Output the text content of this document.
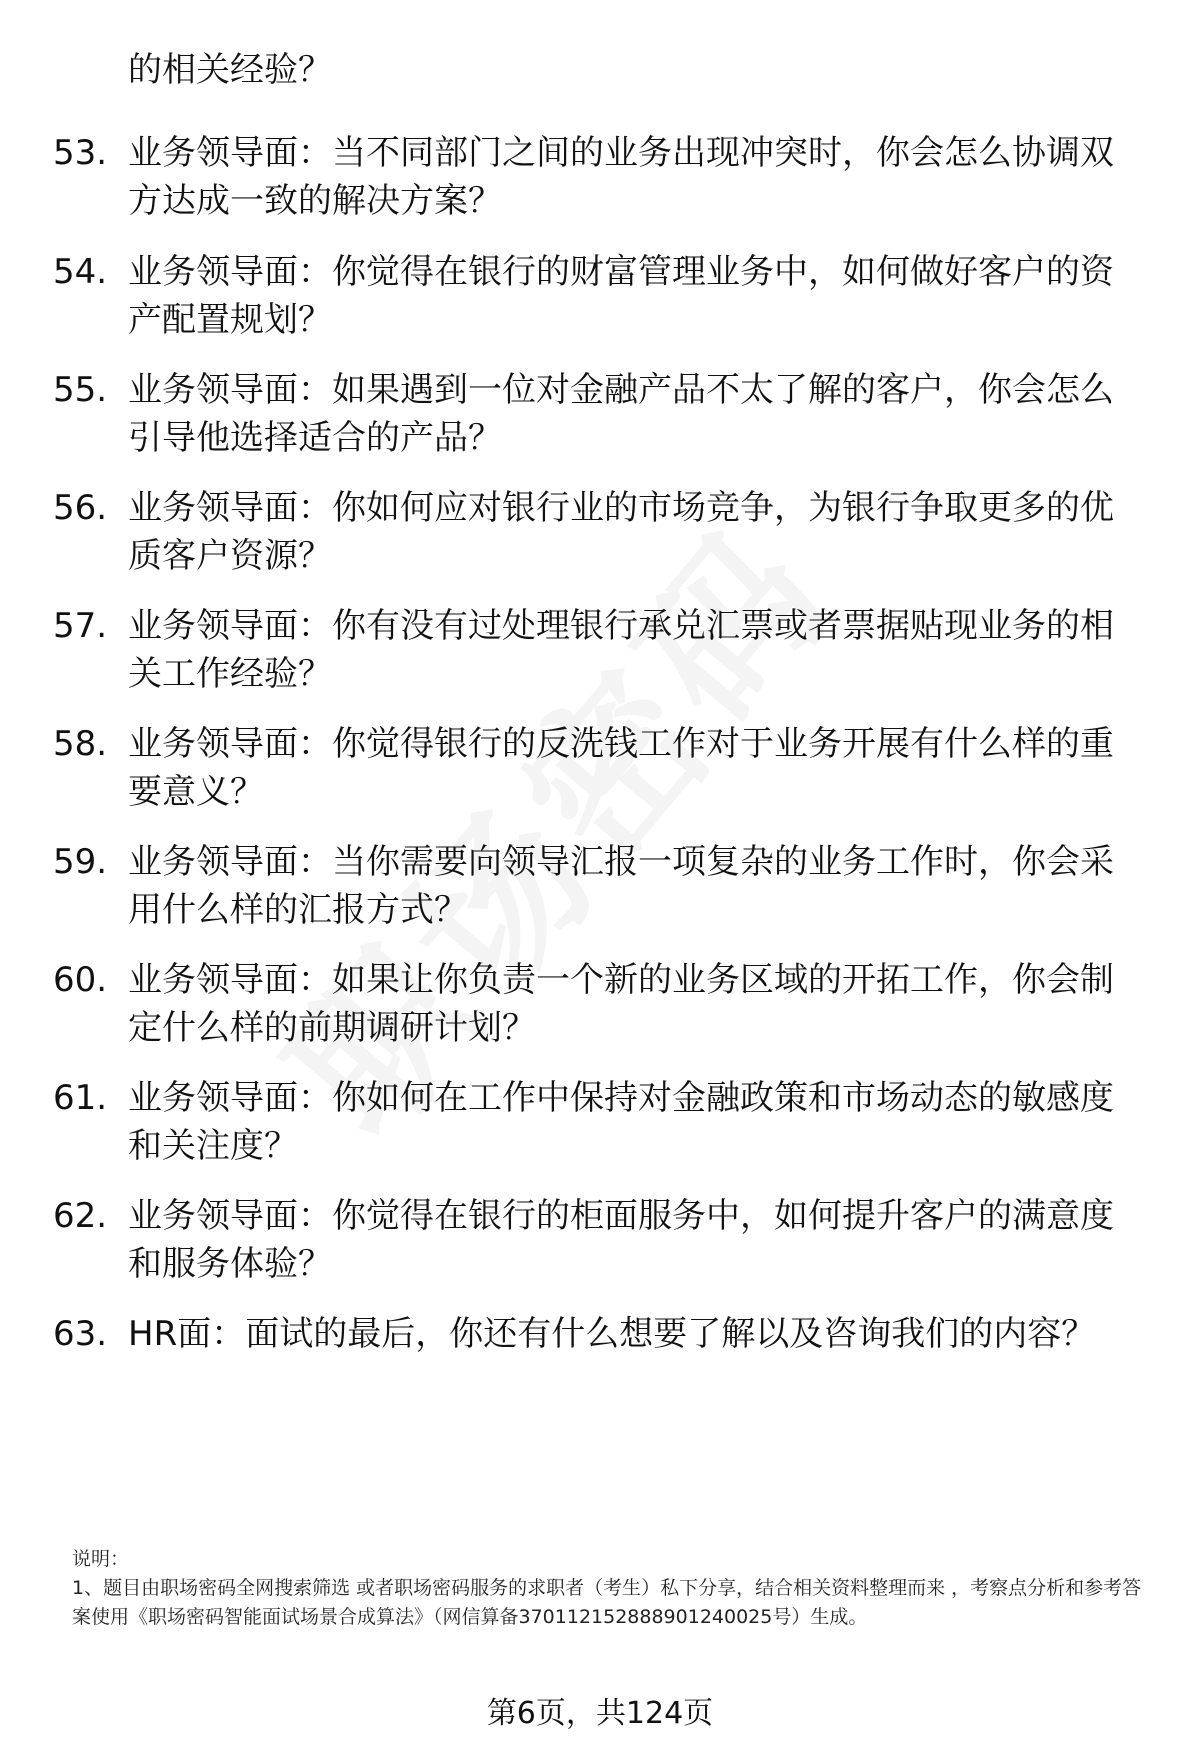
的相关经验？
53. 业务领导面：当不同部门之间的业务出现冲突时，你会怎么协调双方达成一致的解决方案？
54. 业务领导面：你觉得在银行的财富管理业务中，如何做好客户的资产配置规划？
55. 业务领导面：如果遇到一位对金融产品不太了解的客户，你会怎么引导他选择适合的产品？
56. 业务领导面：你如何应对银行业的市场竞争，为银行争取更多的优质客户资源？
57. 业务领导面：你有没有过处理银行承兑汇票或者票据贴现业务的相关工作经验？
58. 业务领导面：你觉得银行的反洗钱工作对于业务开展有什么样的重要意义？
59. 业务领导面：当你需要向领导汇报一项复杂的业务工作时，你会采用什么样的汇报方式？
60. 业务领导面：如果让你负责一个新的业务区域的开拓工作，你会制定什么样的前期调研计划？
61. 业务领导面：你如何在工作中保持对金融政策和市场动态的敏感度和关注度？
62. 业务领导面：你觉得在银行的柜面服务中，如何提升客户的满意度和服务体验？
63. HR面：面试的最后，你还有什么想要了解以及咨询我们的内容？

说明：

1、题目由职场密码全网搜索筛选 或者职场密码服务的求职者（考生）私下分享，结合相关资料整理而来 ，考察点分析和参考答案使用《职场密码智能面试场景合成算法》（网信算备370112152888901240025号）生成。

第6页，共124页
